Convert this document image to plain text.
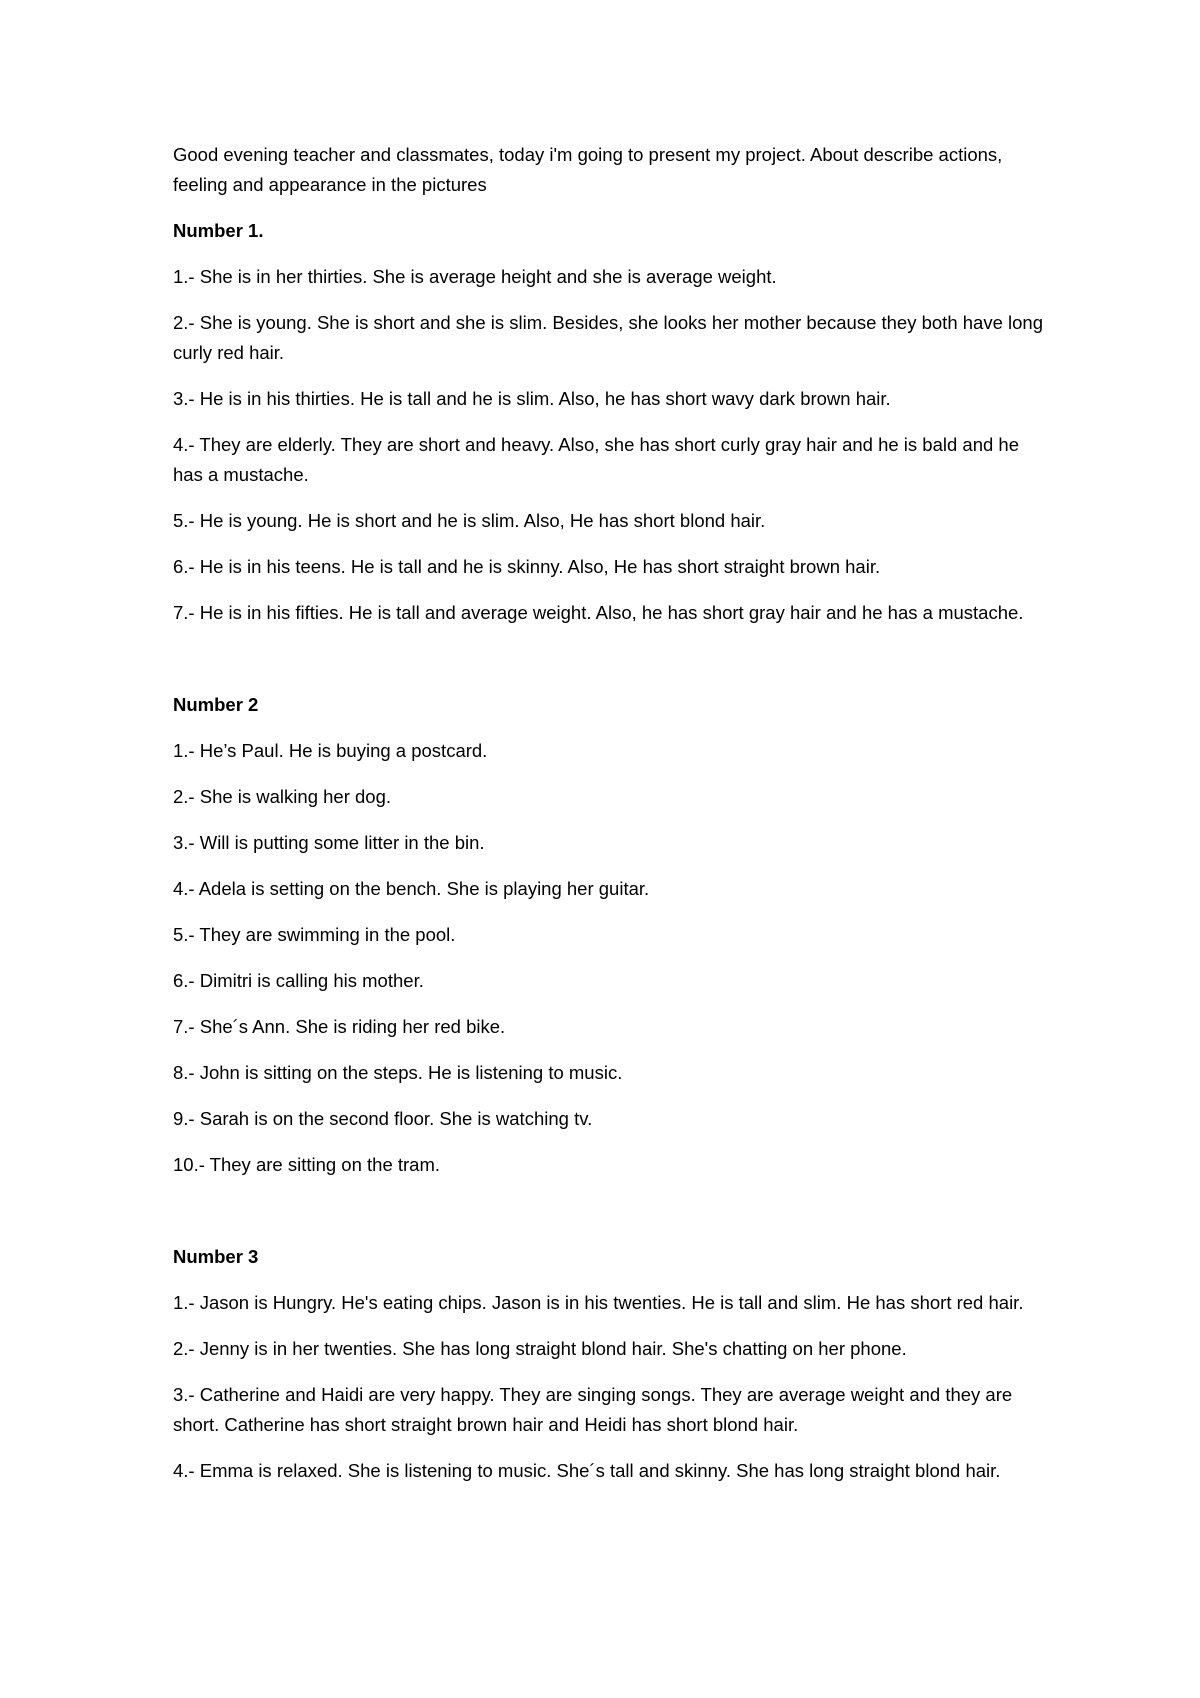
Good evening teacher and classmates, today i'm going to present my project. About describe actions, feeling and appearance in the pictures

Number 1.

1.- She is in her thirties. She is average height and she is average weight.

2.- She is young. She is short and she is slim. Besides, she looks her mother because they both have long curly red hair.

3.- He is in his thirties. He is tall and he is slim. Also, he has short wavy dark brown hair.

4.- They are elderly. They are short and heavy. Also, she has short curly gray hair and he is bald and he has a mustache.

5.- He is young. He is short and he is slim. Also, He has short blond hair.

6.- He is in his teens. He is tall and he is skinny. Also, He has short straight brown hair.

7.- He is in his fifties. He is tall and average weight. Also, he has short gray hair and he has a mustache.

Number 2

1.- He’s Paul. He is buying a postcard.

2.- She is walking her dog.

3.- Will is putting some litter in the bin.

4.- Adela is setting on the bench. She is playing her guitar.

5.- They are swimming in the pool.

6.- Dimitri is calling his mother.

7.- She´s Ann. She is riding her red bike.

8.- John is sitting on the steps. He is listening to music.

9.- Sarah is on the second floor. She is watching tv.

10.- They are sitting on the tram.

Number 3

1.- Jason is Hungry. He's eating chips. Jason is in his twenties. He is tall and slim. He has short red hair.

2.- Jenny is in her twenties. She has long straight blond hair. She's chatting on her phone.

3.- Catherine and Haidi are very happy. They are singing songs. They are average weight and they are short. Catherine has short straight brown hair and Heidi has short blond hair.

4.- Emma is relaxed. She is listening to music. She´s tall and skinny. She has long straight blond hair.
